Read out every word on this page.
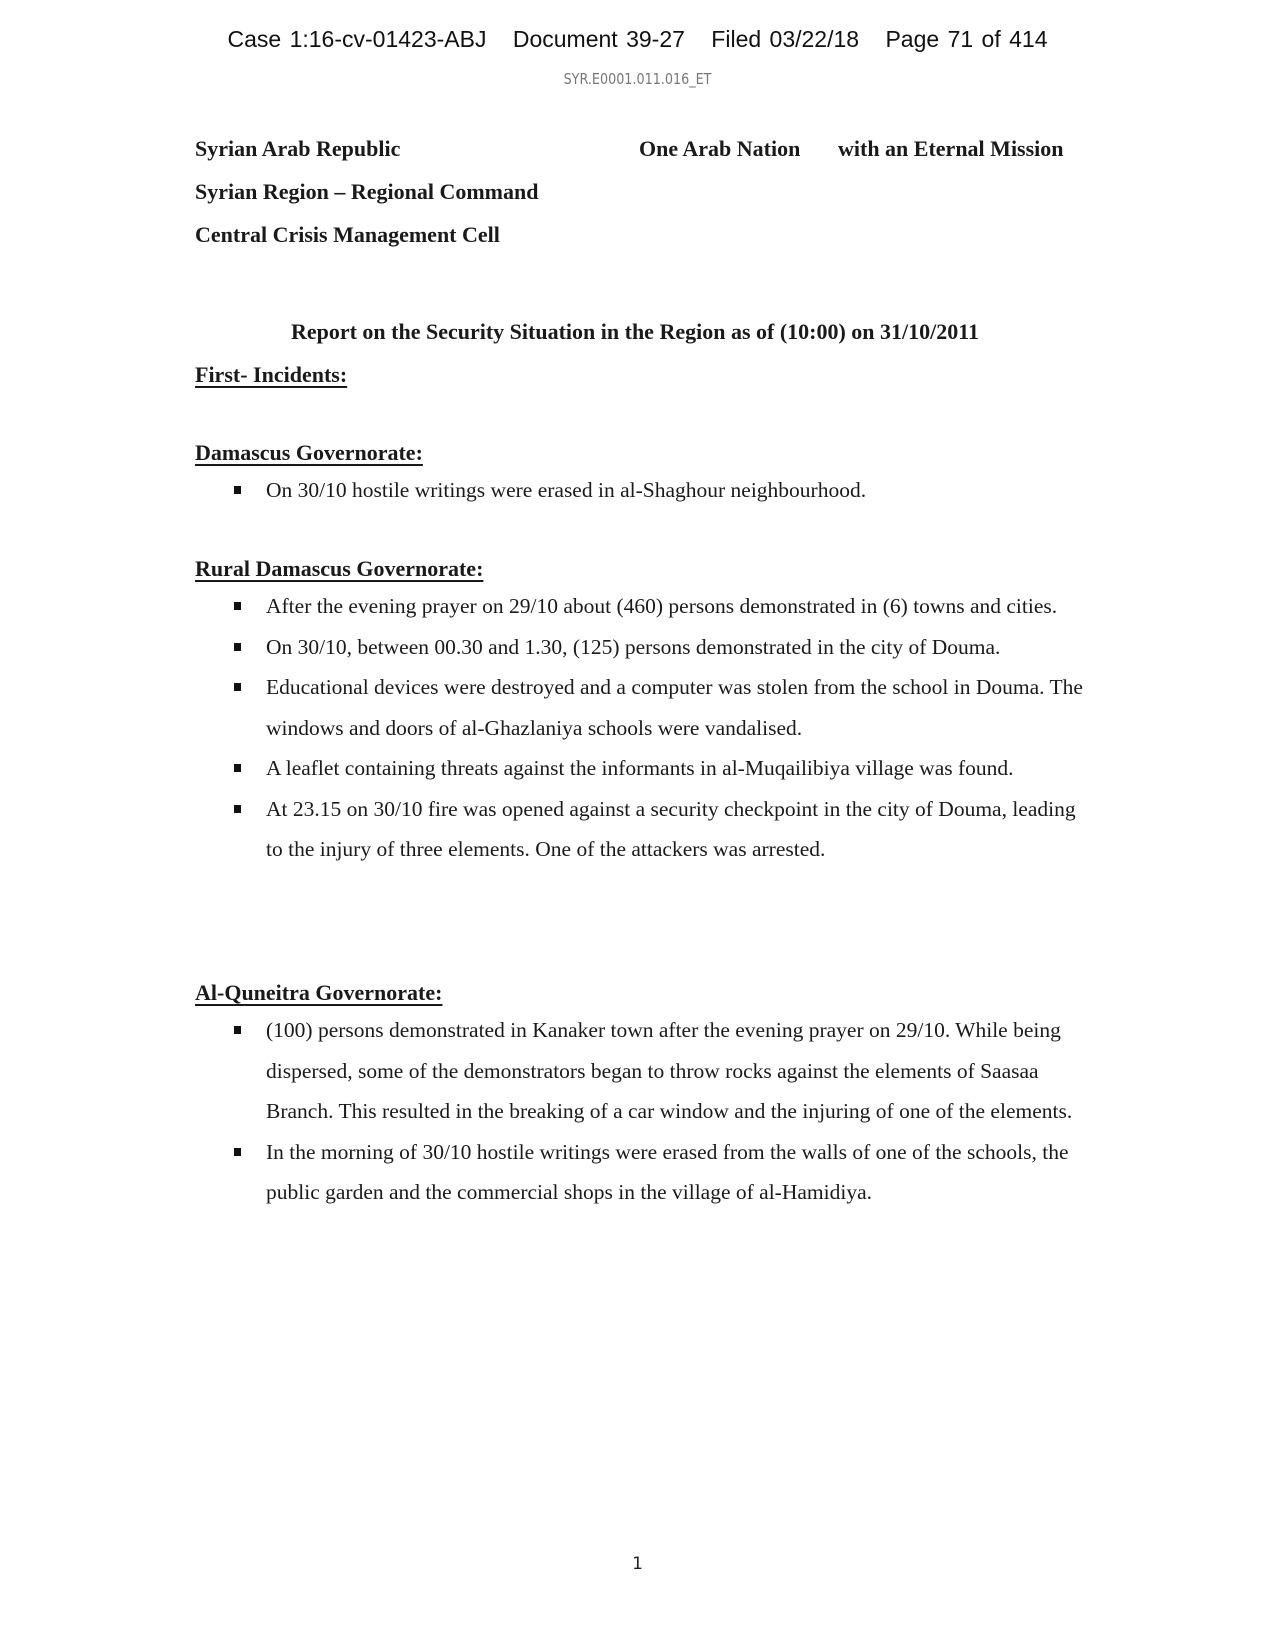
Case 1:16-cv-01423-ABJ Document 39-27 Filed 03/22/18 Page 71 of 414
SYR.E0001.011.016_ET
Syrian Arab Republic
Syrian Region – Regional Command
Central Crisis Management Cell
One Arab Nation with an Eternal Mission
Report on the Security Situation in the Region as of (10:00) on 31/10/2011
First- Incidents:
Damascus Governorate:
On 30/10 hostile writings were erased in al-Shaghour neighbourhood.
Rural Damascus Governorate:
After the evening prayer on 29/10 about (460) persons demonstrated in (6) towns and cities.
On 30/10, between 00.30 and 1.30, (125) persons demonstrated in the city of Douma.
Educational devices were destroyed and a computer was stolen from the school in Douma. The windows and doors of al-Ghazlaniya schools were vandalised.
A leaflet containing threats against the informants in al-Muqailibiya village was found.
At 23.15 on 30/10 fire was opened against a security checkpoint in the city of Douma, leading to the injury of three elements. One of the attackers was arrested.
Al-Quneitra Governorate:
(100) persons demonstrated in Kanaker town after the evening prayer on 29/10. While being dispersed, some of the demonstrators began to throw rocks against the elements of Saasaa Branch. This resulted in the breaking of a car window and the injuring of one of the elements.
In the morning of 30/10 hostile writings were erased from the walls of one of the schools, the public garden and the commercial shops in the village of al-Hamidiya.
1
